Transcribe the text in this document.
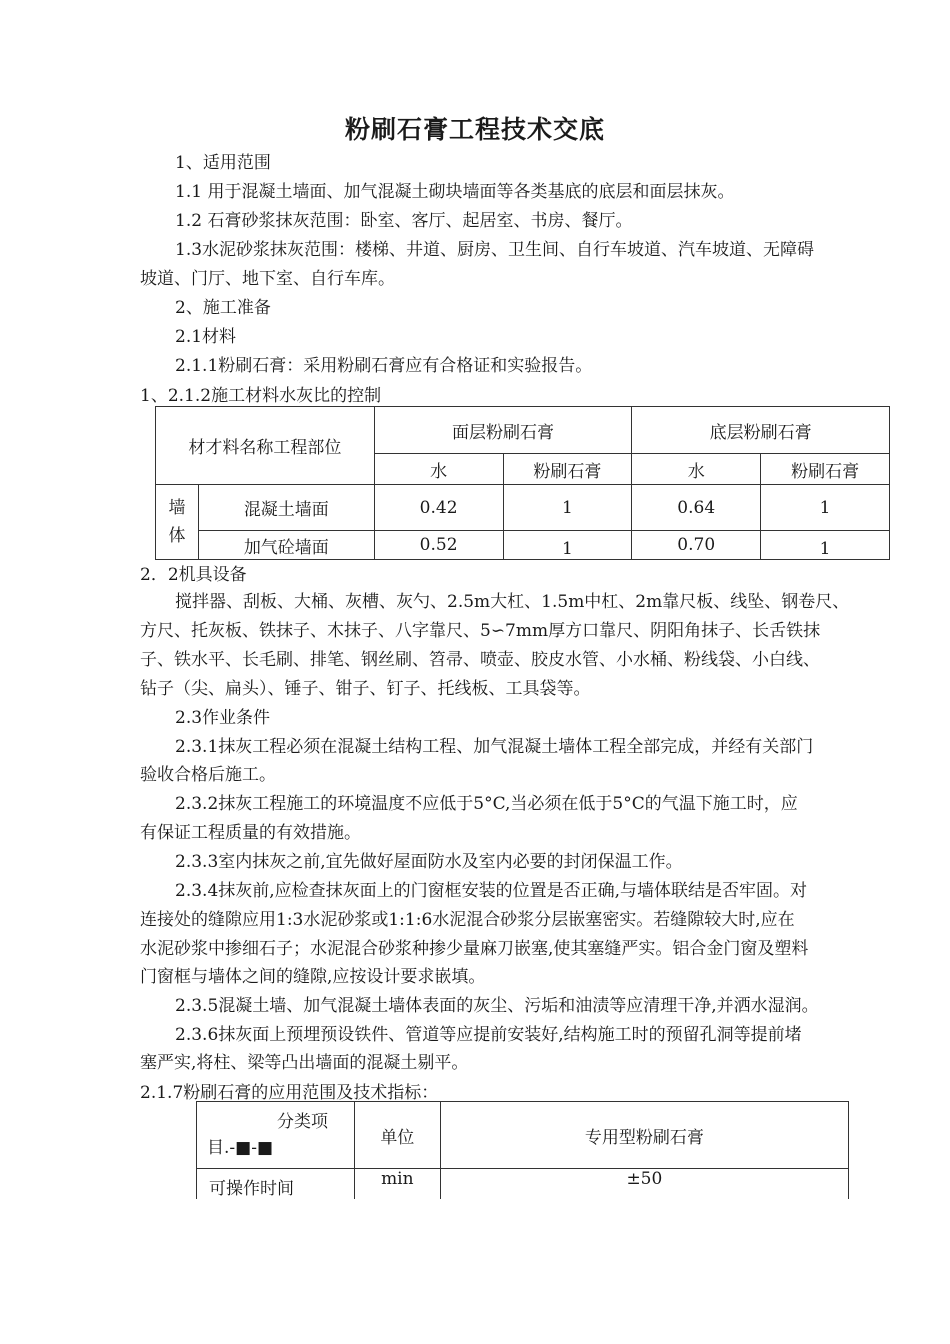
粉刷石膏工程技术交底
1、适用范围
1.1 用于混凝土墙面、加气混凝土砌块墙面等各类基底的底层和面层抹灰。
1.2 石膏砂浆抹灰范围：卧室、客厅、起居室、书房、餐厅。
1.3水泥砂浆抹灰范围：楼梯、井道、厨房、卫生间、自行车坡道、汽车坡道、无障碍
坡道、门厅、地下室、自行车库。
2、施工准备
2.1材料
2.1.1粉刷石膏：采用粉刷石膏应有合格证和实验报告。
1、2.1.2施工材料水灰比的控制
材才料名称工程部位		面层粉刷石膏		底层粉刷石膏	
		水	粉刷石膏	水	粉刷石膏
墙
体	混凝土墙面	0.42	1	0.64	1
	加气砼墙面	0.52	1	0.70	1
2．2机具设备
搅拌器、刮板、大桶、灰槽、灰勺、2.5m大杠、1.5m中杠、2m靠尺板、线坠、钢卷尺、
方尺、托灰板、铁抹子、木抹子、八字靠尺、5∽7mm厚方口靠尺、阴阳角抹子、长舌铁抹
子、铁水平、长毛刷、排笔、钢丝刷、笤帚、喷壶、胶皮水管、小水桶、粉线袋、小白线、
钻子（尖、扁头）、锤子、钳子、钉子、托线板、工具袋等。
2.3作业条件
2.3.1抹灰工程必须在混凝土结构工程、加气混凝土墙体工程全部完成，并经有关部门
验收合格后施工。
2.3.2抹灰工程施工的环境温度不应低于5°C,当必须在低于5°C的气温下施工时，应
有保证工程质量的有效措施。
2.3.3室内抹灰之前,宜先做好屋面防水及室内必要的封闭保温工作。
2.3.4抹灰前,应检查抹灰面上的门窗框安装的位置是否正确,与墙体联结是否牢固。对
连接处的缝隙应用1:3水泥砂浆或1:1:6水泥混合砂浆分层嵌塞密实。若缝隙较大时,应在
水泥砂浆中掺细石子；水泥混合砂浆种掺少量麻刀嵌塞,使其塞缝严实。铝合金门窗及塑料
门窗框与墙体之间的缝隙,应按设计要求嵌填。
2.3.5混凝土墙、加气混凝土墙体表面的灰尘、污垢和油渍等应清理干净,并洒水湿润。
2.3.6抹灰面上预埋预设铁件、管道等应提前安装好,结构施工时的预留孔洞等提前堵
塞严实,将柱、梁等凸出墙面的混凝土剔平。
2.1.7粉刷石膏的应用范围及技术指标：
分类项
目.-■-■	单位	专用型粉刷石膏
可操作时间	min	±50
